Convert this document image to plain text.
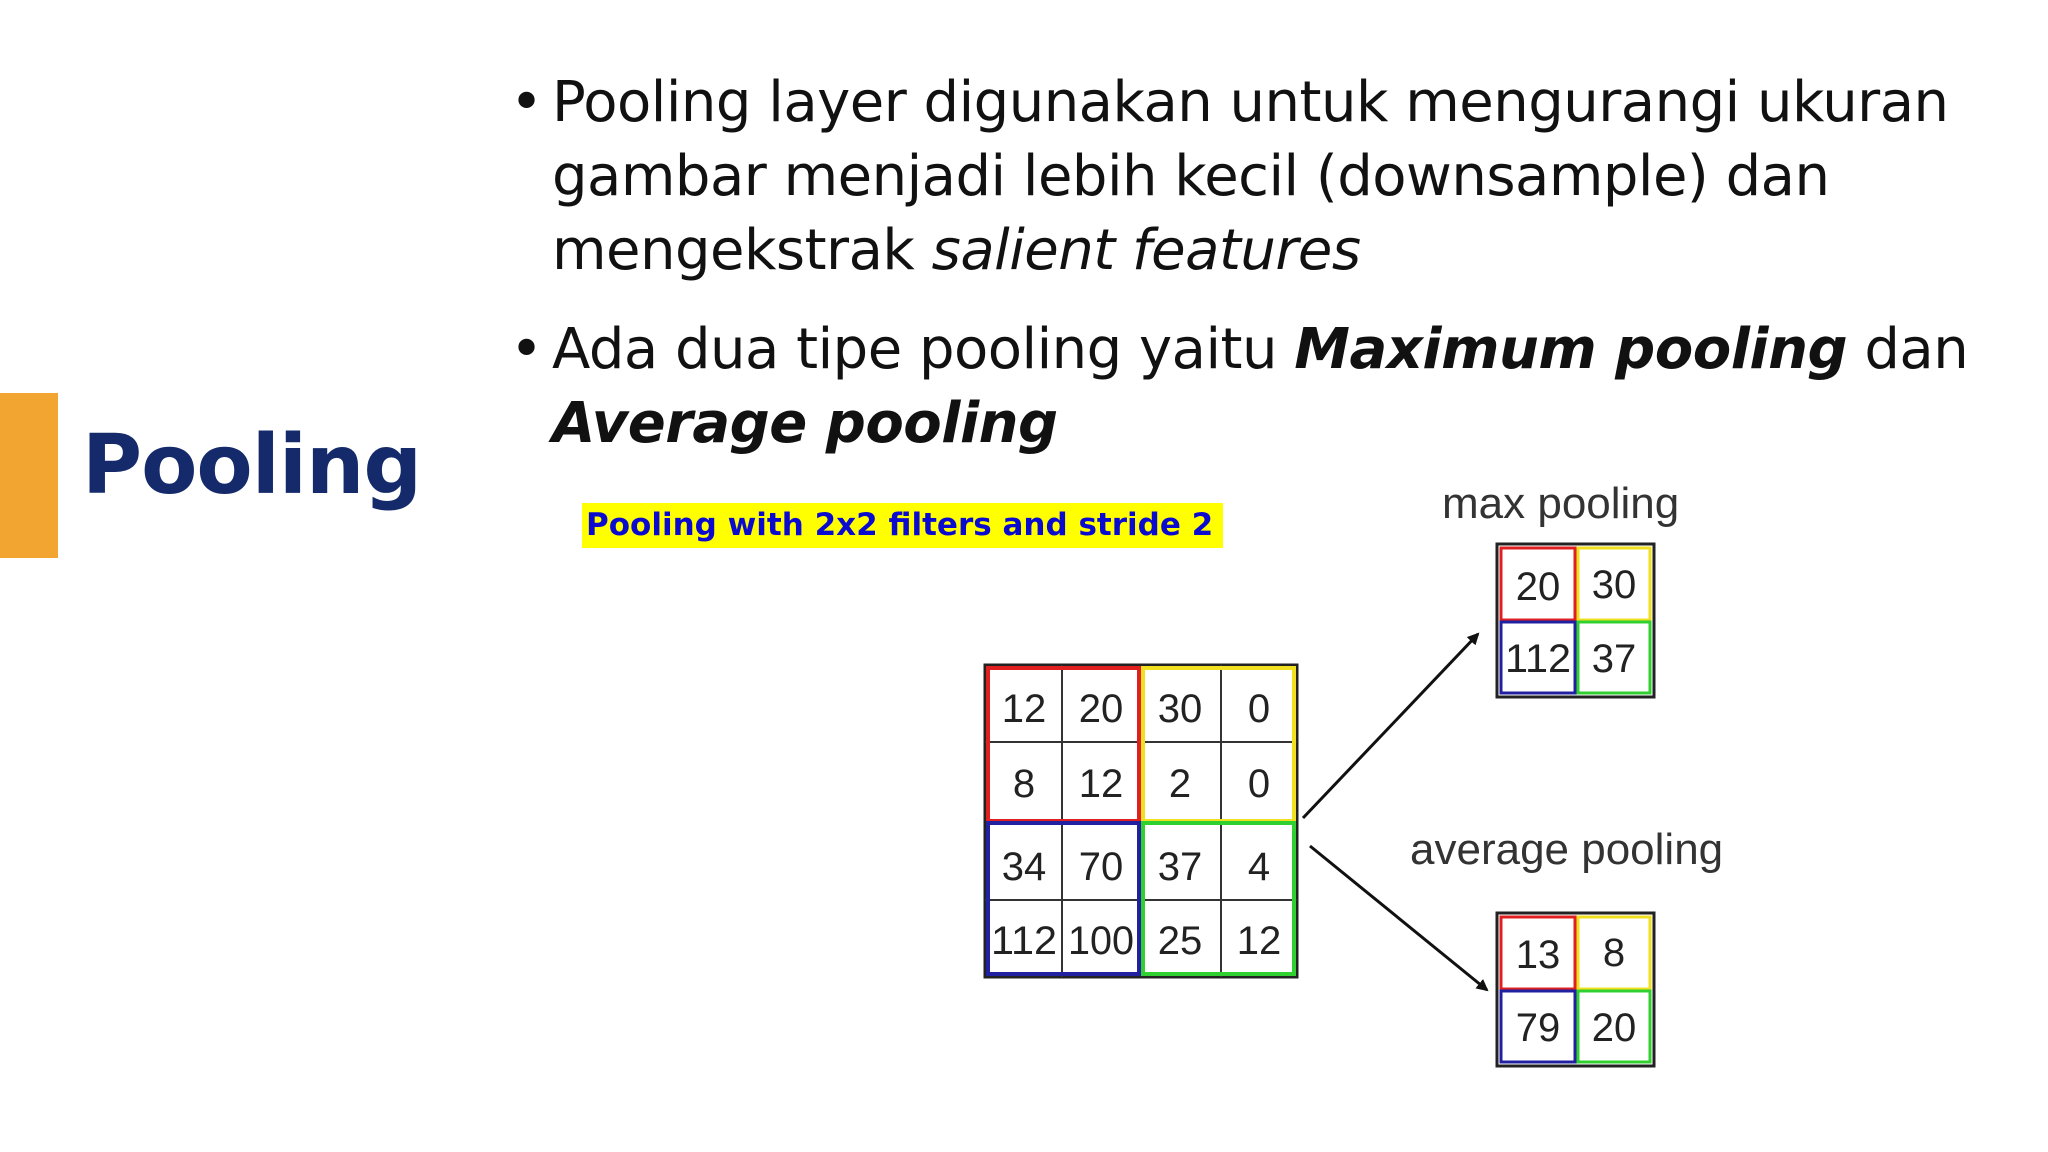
Pooling
• Pooling layer digunakan untuk mengurangi ukuran gambar menjadi lebih kecil (downsample) dan mengekstrak salient features
• Ada dua tipe pooling yaitu Maximum pooling dan Average pooling
Pooling with 2x2 filters and stride 2
12 20 30 0
8 12 2 0
34 70 37 4
112 100 25 12
max pooling
20 30
112 37
average pooling
13 8
79 20
